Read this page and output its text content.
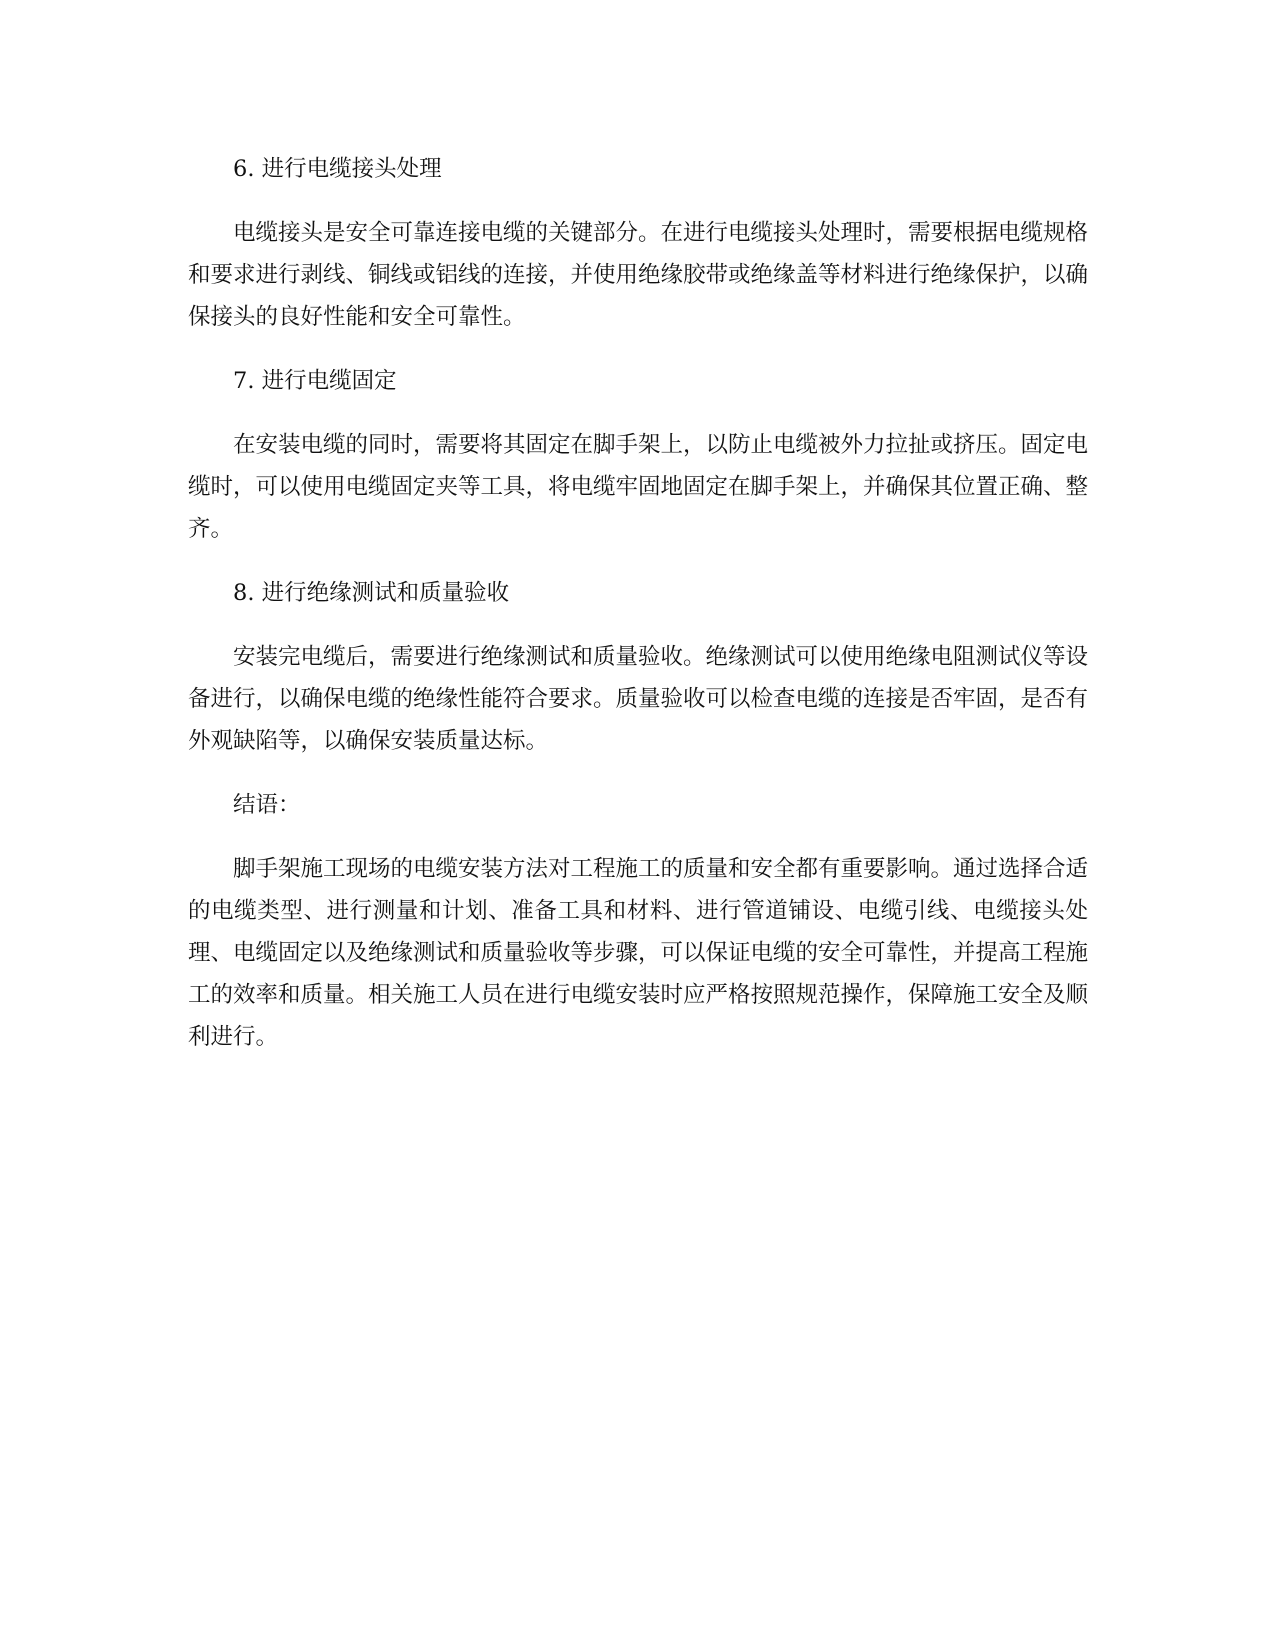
6. 进行电缆接头处理

电缆接头是安全可靠连接电缆的关键部分。在进行电缆接头处理时，需要根据电缆规格和要求进行剥线、铜线或铝线的连接，并使用绝缘胶带或绝缘盖等材料进行绝缘保护，以确保接头的良好性能和安全可靠性。

7. 进行电缆固定

在安装电缆的同时，需要将其固定在脚手架上，以防止电缆被外力拉扯或挤压。固定电缆时，可以使用电缆固定夹等工具，将电缆牢固地固定在脚手架上，并确保其位置正确、整齐。

8. 进行绝缘测试和质量验收

安装完电缆后，需要进行绝缘测试和质量验收。绝缘测试可以使用绝缘电阻测试仪等设备进行，以确保电缆的绝缘性能符合要求。质量验收可以检查电缆的连接是否牢固，是否有外观缺陷等，以确保安装质量达标。

结语：

脚手架施工现场的电缆安装方法对工程施工的质量和安全都有重要影响。通过选择合适的电缆类型、进行测量和计划、准备工具和材料、进行管道铺设、电缆引线、电缆接头处理、电缆固定以及绝缘测试和质量验收等步骤，可以保证电缆的安全可靠性，并提高工程施工的效率和质量。相关施工人员在进行电缆安装时应严格按照规范操作，保障施工安全及顺利进行。
